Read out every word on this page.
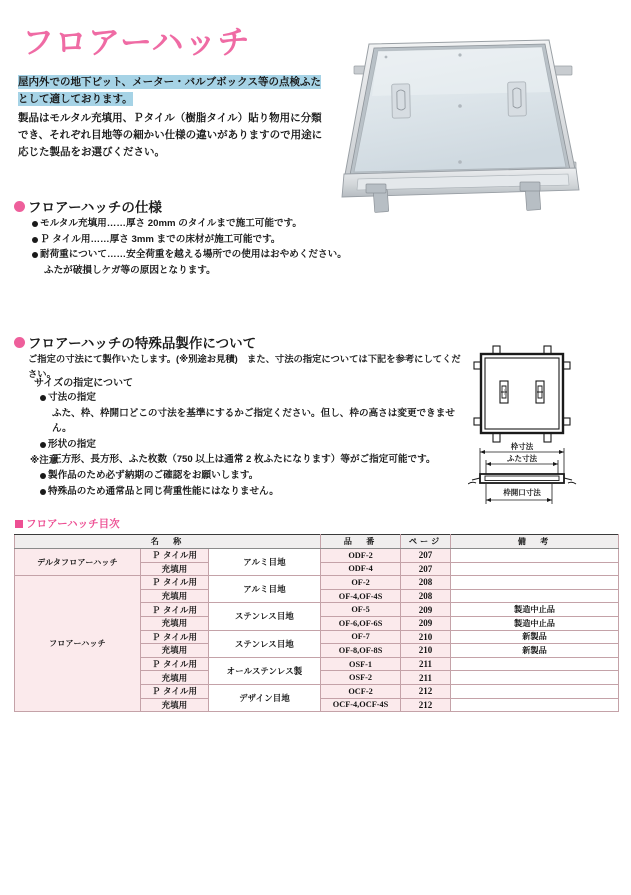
フロアーハッチ
屋内外での地下ピット、メーター・バルブボックス等の点検ふたとして適しております。
製品はモルタル充填用、Ｐタイル（樹脂タイル）貼り物用に分類でき、それぞれ目地等の細かい仕様の違いがありますので用途に応じた製品をお選びください。
フロアーハッチの仕様
モルタル充填用……厚さ 20mm のタイルまで施工可能です。
Ｐ タイル用……厚さ 3mm までの床材が施工可能です。
耐荷重について……安全荷重を越える場所での使用はおやめください。
ふたが破損しケガ等の原因となります。
フロアーハッチの特殊品製作について
ご指定の寸法にて製作いたします。(※別途お見積)　また、寸法の指定については下記を参考にしてください。
サイズの指定について
寸法の指定
ふた、枠、枠開口どこの寸法を基準にするかご指定ください。但し、枠の高さは変更できません。
形状の指定
正方形、長方形、ふた枚数（750 以上は通常 2 枚ふたになります）等がご指定可能です。
※注意
製作品のため必ず納期のご確認をお願いします。
特殊品のため通常品と同じ荷重性能にはなりません。
枠寸法
ふた寸法
枠開口寸法
フロアーハッチ目次
名　称			品　番	ページ	備　考
デルタフロアーハッチ	Ｐ タイル用	アルミ目地	ODF-2	207	
	充填用		ODF-4	207	
フロアーハッチ	Ｐ タイル用	アルミ目地	OF-2	208	
	充填用		OF-4,OF-4S	208	
	Ｐ タイル用	ステンレス目地	OF-5	209	製造中止品
	充填用		OF-6,OF-6S	209	製造中止品
	Ｐ タイル用	ステンレス目地	OF-7	210	新製品
	充填用		OF-8,OF-8S	210	新製品
	Ｐ タイル用	オールステンレス製	OSF-1	211	
	充填用		OSF-2	211	
	Ｐ タイル用	デザイン目地	OCF-2	212	
	充填用		OCF-4,OCF-4S	212	
